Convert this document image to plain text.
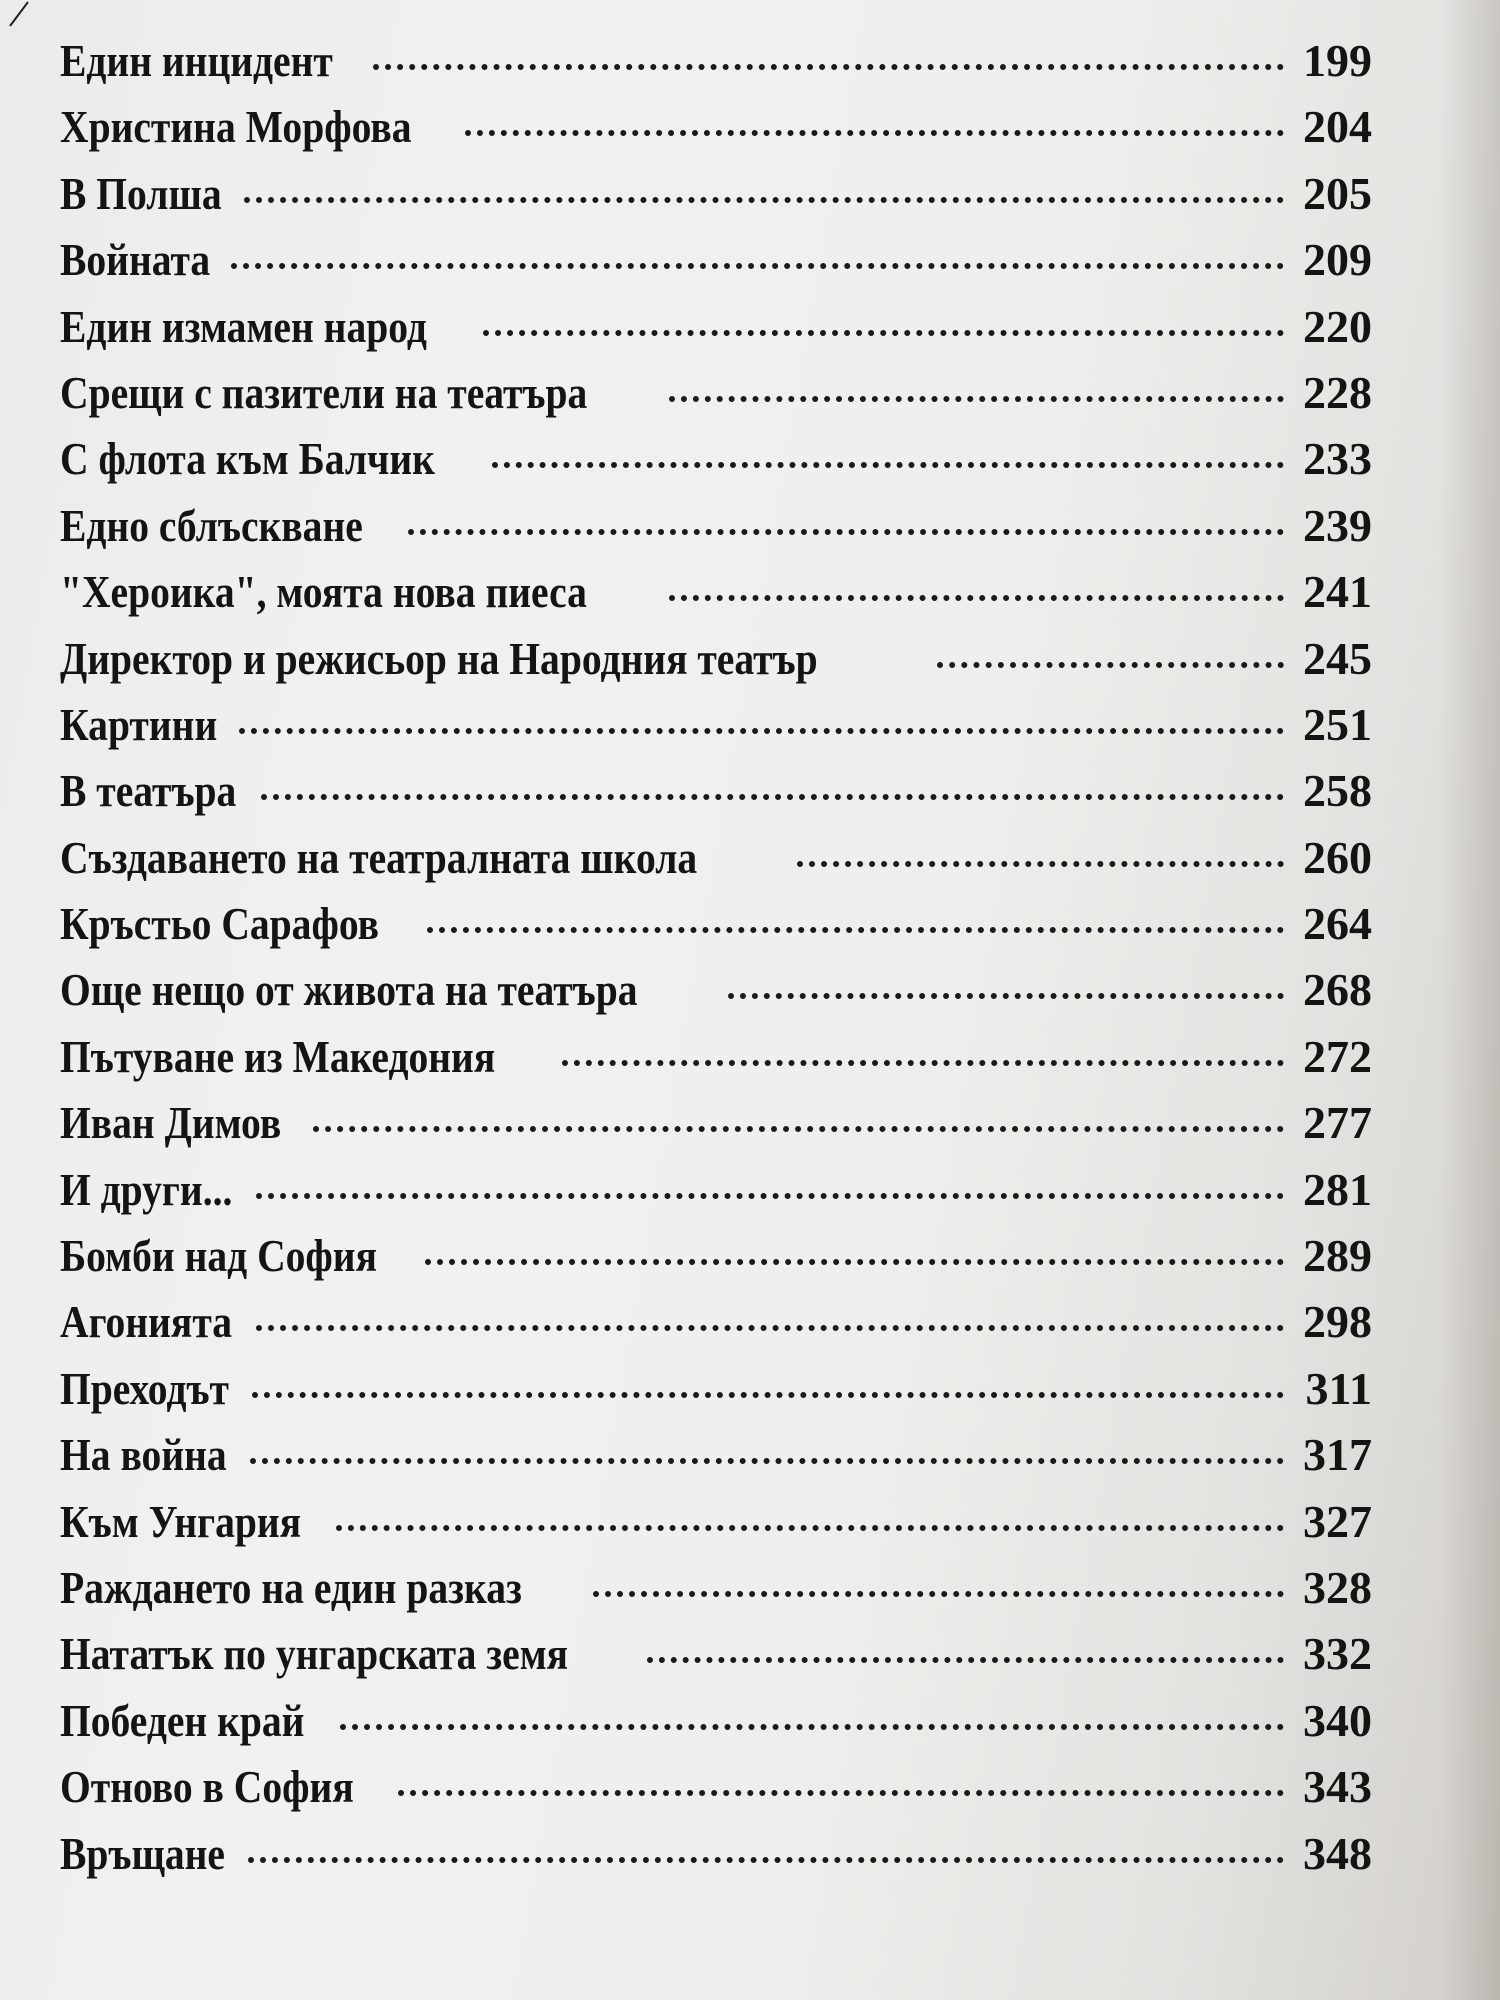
Един инцидент	199
Христина Морфова	204
В Полша	205
Войната	209
Един измамен народ	220
Срещи с пазители на театъра	228
С флота към Балчик	233
Едно сблъскване	239
"Хероика", моята нова пиеса	241
Директор и режисьор на Народния театър	245
Картини	251
В театъра	258
Създаването на театралната школа	260
Кръстьо Сарафов	264
Още нещо от живота на театъра	268
Пътуване из Македония	272
Иван Димов	277
И други...	281
Бомби над София	289
Агонията	298
Преходът	311
На война	317
Към Унгария	327
Раждането на един разказ	328
Нататък по унгарската земя	332
Победен край	340
Отново в София	343
Връщане	348
